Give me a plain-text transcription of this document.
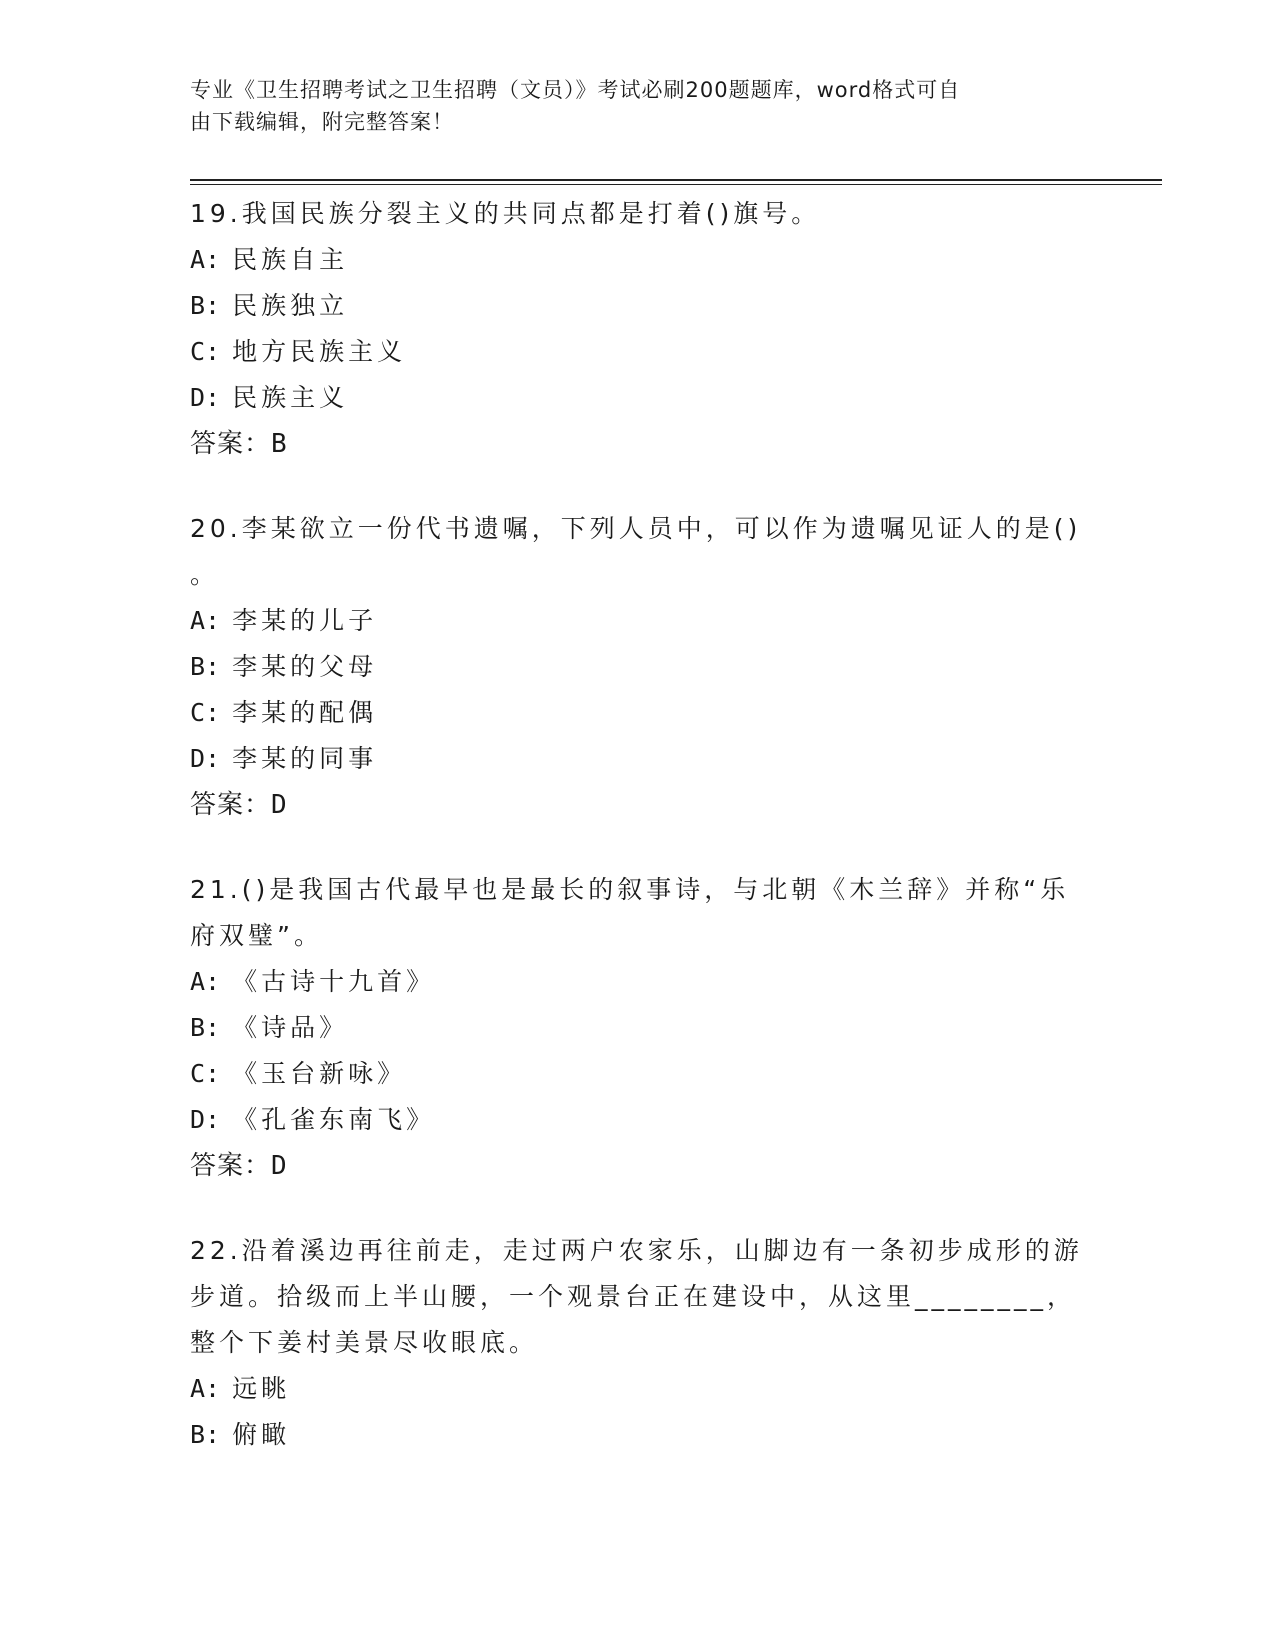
专业《卫生招聘考试之卫生招聘（文员）》考试必刷200题题库，word格式可自
由下载编辑，附完整答案！

19.我国民族分裂主义的共同点都是打着()旗号。

A: 民族自主

B: 民族独立

C: 地方民族主义

D: 民族主义

答案：B

20.李某欲立一份代书遗嘱，下列人员中，可以作为遗嘱见证人的是()

。

A: 李某的儿子

B: 李某的父母

C: 李某的配偶

D: 李某的同事

答案：D

21.()是我国古代最早也是最长的叙事诗，与北朝《木兰辞》并称“乐

府双璧”。

A: 《古诗十九首》

B: 《诗品》

C: 《玉台新咏》

D: 《孔雀东南飞》

答案：D

22.沿着溪边再往前走，走过两户农家乐，山脚边有一条初步成形的游

步道。拾级而上半山腰，一个观景台正在建设中，从这里________，

整个下姜村美景尽收眼底。

A: 远眺

B: 俯瞰
